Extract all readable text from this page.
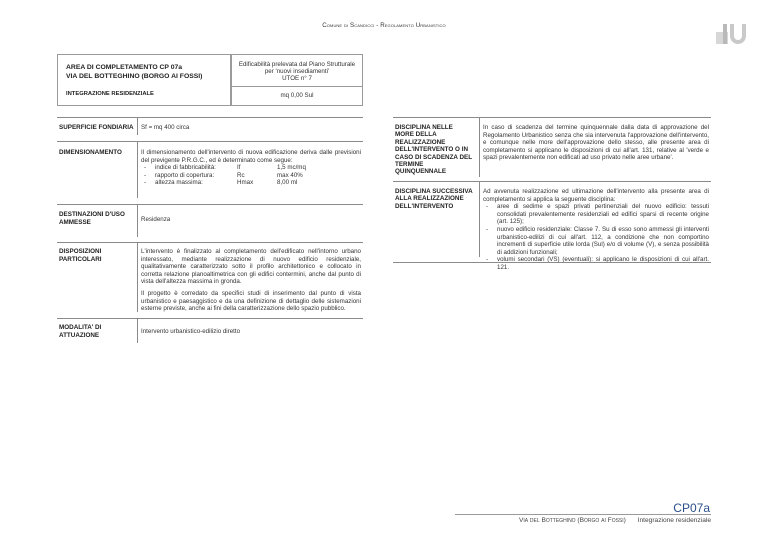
Comune di Scandicci - Regolamento Urbanistico
AREA DI COMPLETAMENTO CP 07a
VIA DEL BOTTEGHINO (BORGO AI FOSSI)
INTEGRAZIONE RESIDENZIALE
Edificabilità prelevata dal Piano Strutturale
per 'nuovi insediamenti'
UTOE n° 7
mq 0,00 Sul
SUPERFICIE FONDIARIA Sf = mq 400 circa
DIMENSIONAMENTO	Il dimensionamento dell'intervento di nuova edificazione deriva dalle previsioni del previgente P.R.G.C., ed è determinato come segue:
- indice di fabbricabilità:	If	1,5 mc/mq
- rapporto di copertura:	Rc	max 40%
- altezza massima:	Hmax	8,00 ml
DESTINAZIONI D'USO
AMMESSE	Residenza
DISPOSIZIONI
PARTICOLARI

L'intervento è finalizzato al completamento dell'edificato nell'intorno urbano interessato, mediante realizzazione di nuovo edificio residenziale, qualitativamente caratterizzato sotto il profilo architettonico e collocato in corretta relazione planoaltimetrica con gli edifici contermini, anche dal punto di vista dell'altezza massima in gronda.

Il progetto è corredato da specifici studi di inserimento dal punto di vista urbanistico e paesaggistico e da una definizione di dettaglio delle sistemazioni esterne previste, anche ai fini della caratterizzazione dello spazio pubblico.

MODALITA' DI
ATTUAZIONE
Intervento urbanistico-edilizio diretto
DISCIPLINA NELLE
MORE DELLA
REALIZZAZIONE
DELL'INTERVENTO O IN
CASO DI SCADENZA DEL
TERMINE
QUINQUENNALE
In caso di scadenza del termine quinquennale dalla data di approvazione del Regolamento Urbanistico senza che sia intervenuta l'approvazione dell'intervento, e comunque nelle more dell'approvazione dello stesso, alle presente area di completamento si applicano le disposizioni di cui all'art. 131, relative al 'verde e spazi prevalentemente non edificati ad uso privato nelle aree urbane'.
DISCIPLINA SUCCESSIVA
ALLA REALIZZAZIONE
DELL'INTERVENTO
Ad avvenuta realizzazione ed ultimazione dell'intervento alla presente area di completamento si applica la seguente disciplina:
- aree di sedime e spazi privati pertinenziali del nuovo edificio: tessuti consolidati prevalentemente residenziali ed edifici sparsi di recente origine (art. 125);
- nuovo edificio residenziale: Classe 7. Su di esso sono ammessi gli interventi urbanistico-edilizi di cui all'art. 112, a condizione che non comportino incrementi di superficie utile lorda (Sul) e/o di volume (V), e senza possibilità di addizioni funzionali;
- volumi secondari (VS) (eventuali): si applicano le disposizioni di cui all'art. 121.
CP07a
Via del Botteghino (Borgo ai Fossi) Integrazione residenziale
